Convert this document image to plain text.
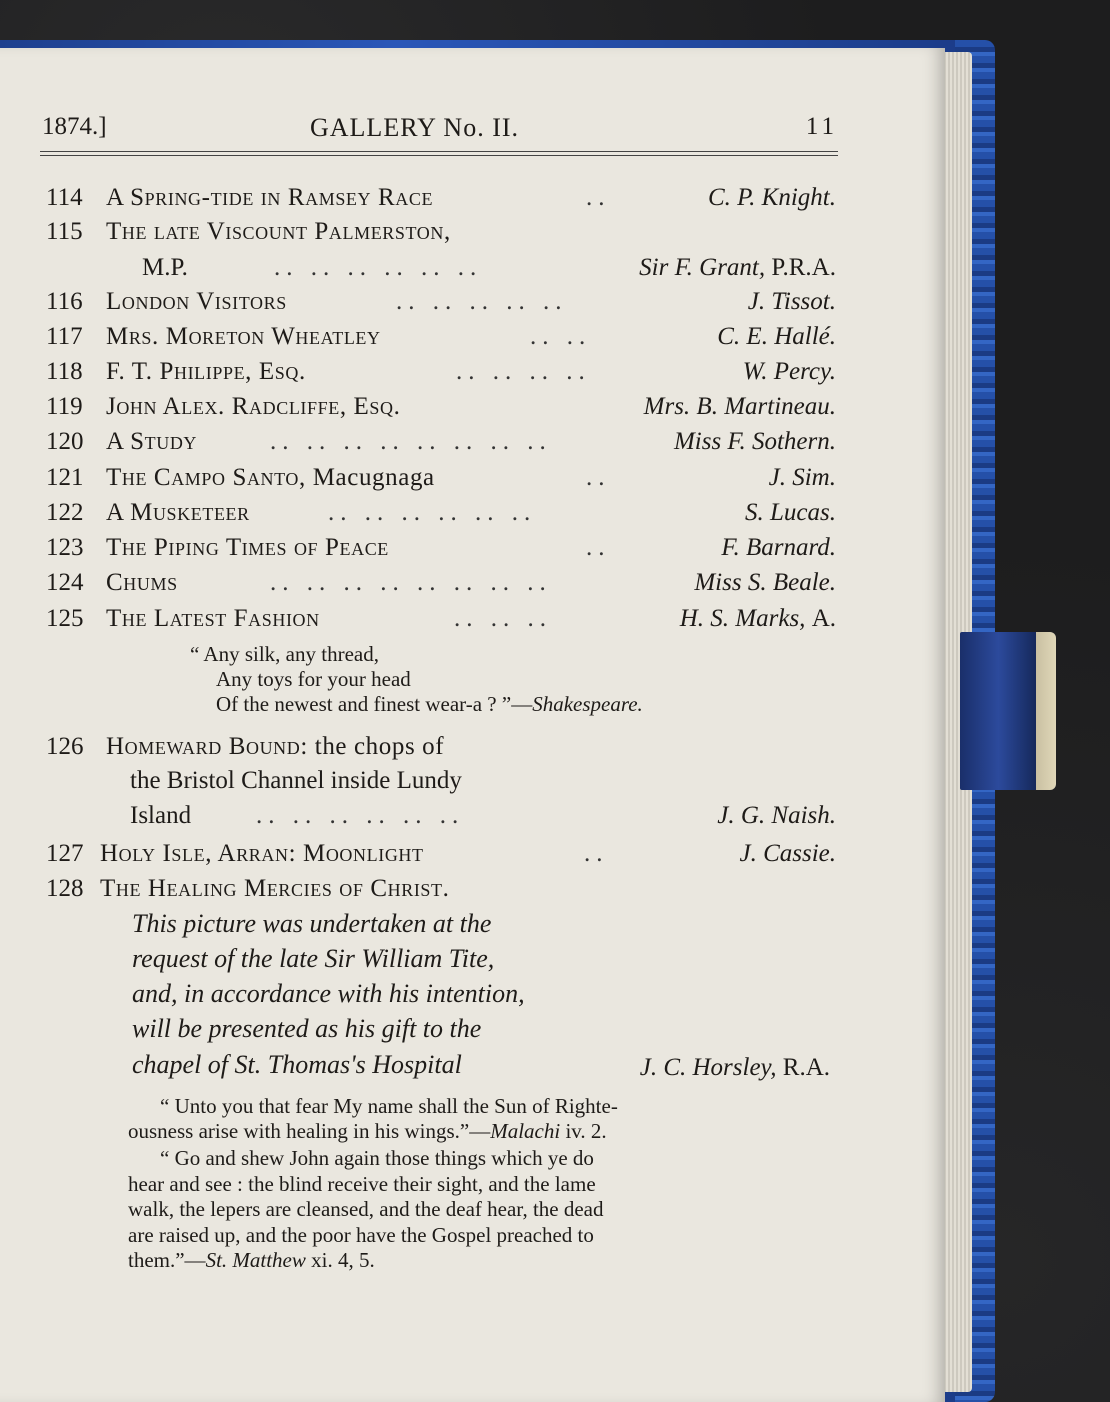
1874.]	GALLERY No. II.	11
114 A Spring-tide in Ramsey Race	..	C. P. Knight.
115 The late Viscount Palmerston,
M.P.	.. .. .. .. .. ..	Sir F. Grant, P.R.A.
116 London Visitors	.. .. .. .. ..	J. Tissot.
117 Mrs. Moreton Wheatley	.. ..	C. E. Hallé.
118 F. T. Philippe, Esq.	.. .. .. ..	W. Percy.
119 John Alex. Radcliffe, Esq.	Mrs. B. Martineau.
120 A Study	.. .. .. .. .. .. .. ..	Miss F. Sothern.
121 The Campo Santo, Macugnaga	..	J. Sim.
122 A Musketeer	.. .. .. .. .. ..	S. Lucas.
123 The Piping Times of Peace	..	F. Barnard.
124 Chums	.. .. .. .. .. .. .. ..	Miss S. Beale.
125 The Latest Fashion	.. .. ..	H. S. Marks, A.
“ Any silk, any thread,
Any toys for your head
Of the newest and finest wear-a ? ”—Shakespeare.
126 Homeward Bound: the chops of
the Bristol Channel inside Lundy
Island	.. .. .. .. .. ..	J. G. Naish.
127 Holy Isle, Arran: Moonlight	..	J. Cassie.
128 The Healing Mercies of Christ.
This picture was undertaken at the
request of the late Sir William Tite,
and, in accordance with his intention,
will be presented as his gift to the
chapel of St. Thomas's Hospital	J. C. Horsley, R.A.
“ Unto you that fear My name shall the Sun of Righte-
ousness arise with healing in his wings.”—Malachi iv. 2.
“ Go and shew John again those things which ye do
hear and see : the blind receive their sight, and the lame
walk, the lepers are cleansed, and the deaf hear, the dead
are raised up, and the poor have the Gospel preached to
them.”—St. Matthew xi. 4, 5.
